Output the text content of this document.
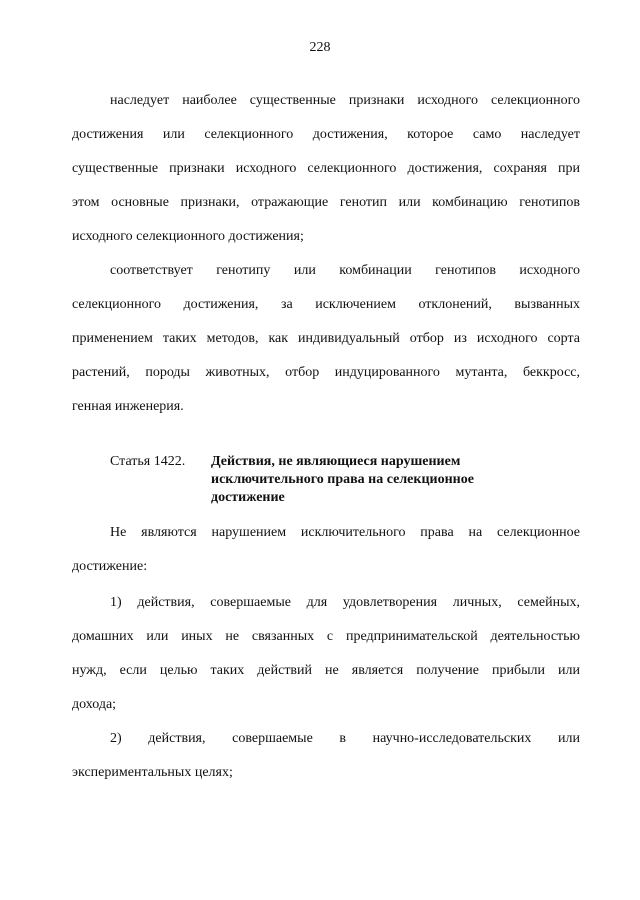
228
наследует наиболее существенные признаки исходного селекционного
достижения или селекционного достижения, которое само наследует
существенные признаки исходного селекционного достижения, сохраняя при
этом основные признаки, отражающие генотип или комбинацию генотипов
исходного селекционного достижения;
соответствует генотипу или комбинации генотипов исходного
селекционного достижения, за исключением отклонений, вызванных
применением таких методов, как индивидуальный отбор из исходного сорта
растений, породы животных, отбор индуцированного мутанта, беккросс,
генная инженерия.
Статья 1422. Действия, не являющиеся нарушением
исключительного права на селекционное
достижение
Не являются нарушением исключительного права на селекционное
достижение:
1) действия, совершаемые для удовлетворения личных, семейных,
домашних или иных не связанных с предпринимательской деятельностью
нужд, если целью таких действий не является получение прибыли или
дохода;
2) действия, совершаемые в научно-исследовательских или
экспериментальных целях;
